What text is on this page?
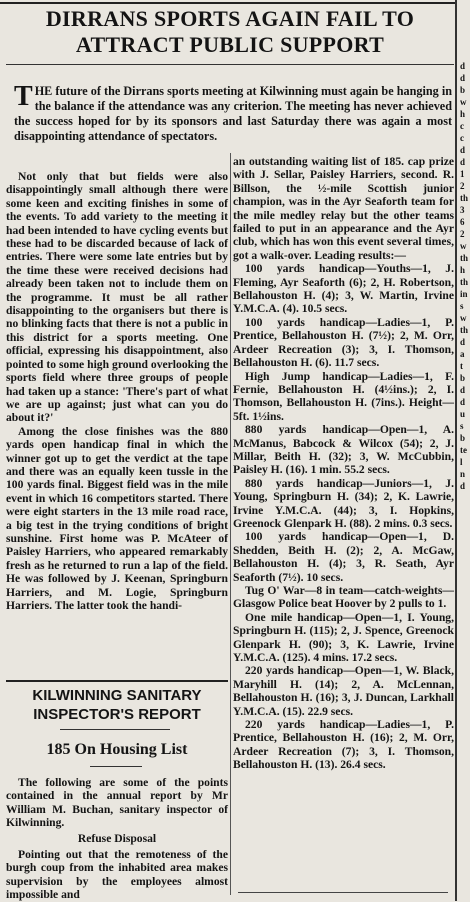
d
d
b
w
h
c
c
d
d
1
2
th
3
6
2
w
th
h
th
in
s
w
th
d
a
t
b
d
d
u
s
b
te
l
n
d
DIRRANS SPORTS AGAIN FAIL TO
ATTRACT PUBLIC SUPPORT
THE future of the Dirrans sports meeting at Kilwinning must again be hanging in the balance if the attendance was any criterion. The meeting has never achieved the success hoped for by its sponsors and last Saturday there was again a most disappointing attendance of spectators.

Not only that but fields were also disappointingly small although there were some keen and exciting finishes in some of the events. To add variety to the meeting it had been intended to have cycling events but these had to be discarded because of lack of entries. There were some late entries but by the time these were received decisions had already been taken not to include them on the programme. It must be all rather disappointing to the organisers but there is no blinking facts that there is not a public in this district for a sports meeting. One official, expressing his disappointment, also pointed to some high ground overlooking the sports field where three groups of people had taken up a stance: 'There's part of what we are up against; just what can you do about it?'

Among the close finishes was the 880 yards open handicap final in which the winner got up to get the verdict at the tape and there was an equally keen tussle in the 100 yards final. Biggest field was in the mile event in which 16 competitors started. There were eight starters in the 13 mile road race, a big test in the trying conditions of bright sunshine. First home was P. McAteer of Paisley Harriers, who appeared remarkably fresh as he returned to run a lap of the field. He was followed by J. Keenan, Springburn Harriers, and M. Logie, Springburn Harriers. The latter took the handi-

KILWINNING SANITARY
INSPECTOR'S REPORT
185 On Housing List

The following are some of the points contained in the annual report by Mr William M. Buchan, sanitary inspector of Kilwinning.

Refuse Disposal

Pointing out that the remoteness of the burgh coup from the inhabited area makes supervision by the employees almost impossible and

an outstanding waiting list of 185. cap prize with J. Sellar, Paisley Harriers, second. R. Billson, the ½-mile Scottish junior champion, was in the Ayr Seaforth team for the mile medley relay but the other teams failed to put in an appearance and the Ayr club, which has won this event several times, got a walk-over. Leading results:—

100 yards handicap—Youths—1, J. Fleming, Ayr Seaforth (6); 2, H. Robertson, Bellahouston H. (4); 3, W. Martin, Irvine Y.M.C.A. (4). 10.5 secs.

100 yards handicap—Ladies—1, P. Prentice, Bellahouston H. (7½); 2, M. Orr, Ardeer Recreation (3); 3, I. Thomson, Bellahouston H. (6). 11.7 secs.

High Jump handicap—Ladies—1, F. Fernie, Bellahouston H. (4½ins.); 2, I. Thomson, Bellahouston H. (7ins.). Height—5ft. 1½ins.

880 yards handicap—Open—1, A. McManus, Babcock & Wilcox (54); 2, J. Millar, Beith H. (32); 3, W. McCubbin, Paisley H. (16). 1 min. 55.2 secs.

880 yards handicap—Juniors—1, J. Young, Springburn H. (34); 2, K. Lawrie, Irvine Y.M.C.A. (44); 3, I. Hopkins, Greenock Glenpark H. (88). 2 mins. 0.3 secs.

100 yards handicap—Open—1, D. Shedden, Beith H. (2); 2, A. McGaw, Bellahouston H. (4); 3, R. Seath, Ayr Seaforth (7½). 10 secs.

Tug O' War—8 in team—catch-weights—Glasgow Police beat Hoover by 2 pulls to 1.

One mile handicap—Open—1, I. Young, Springburn H. (115); 2, J. Spence, Greenock Glenpark H. (90); 3, K. Lawrie, Irvine Y.M.C.A. (125). 4 mins. 17.2 secs.

220 yards handicap—Open—1, W. Black, Maryhill H. (14); 2, A. McLennan, Bellahouston H. (16); 3, J. Duncan, Larkhall Y.M.C.A. (15). 22.9 secs.

220 yards handicap—Ladies—1, P. Prentice, Bellahouston H. (16); 2, M. Orr, Ardeer Recreation (7); 3, I. Thomson, Bellahouston H. (13). 26.4 secs.
